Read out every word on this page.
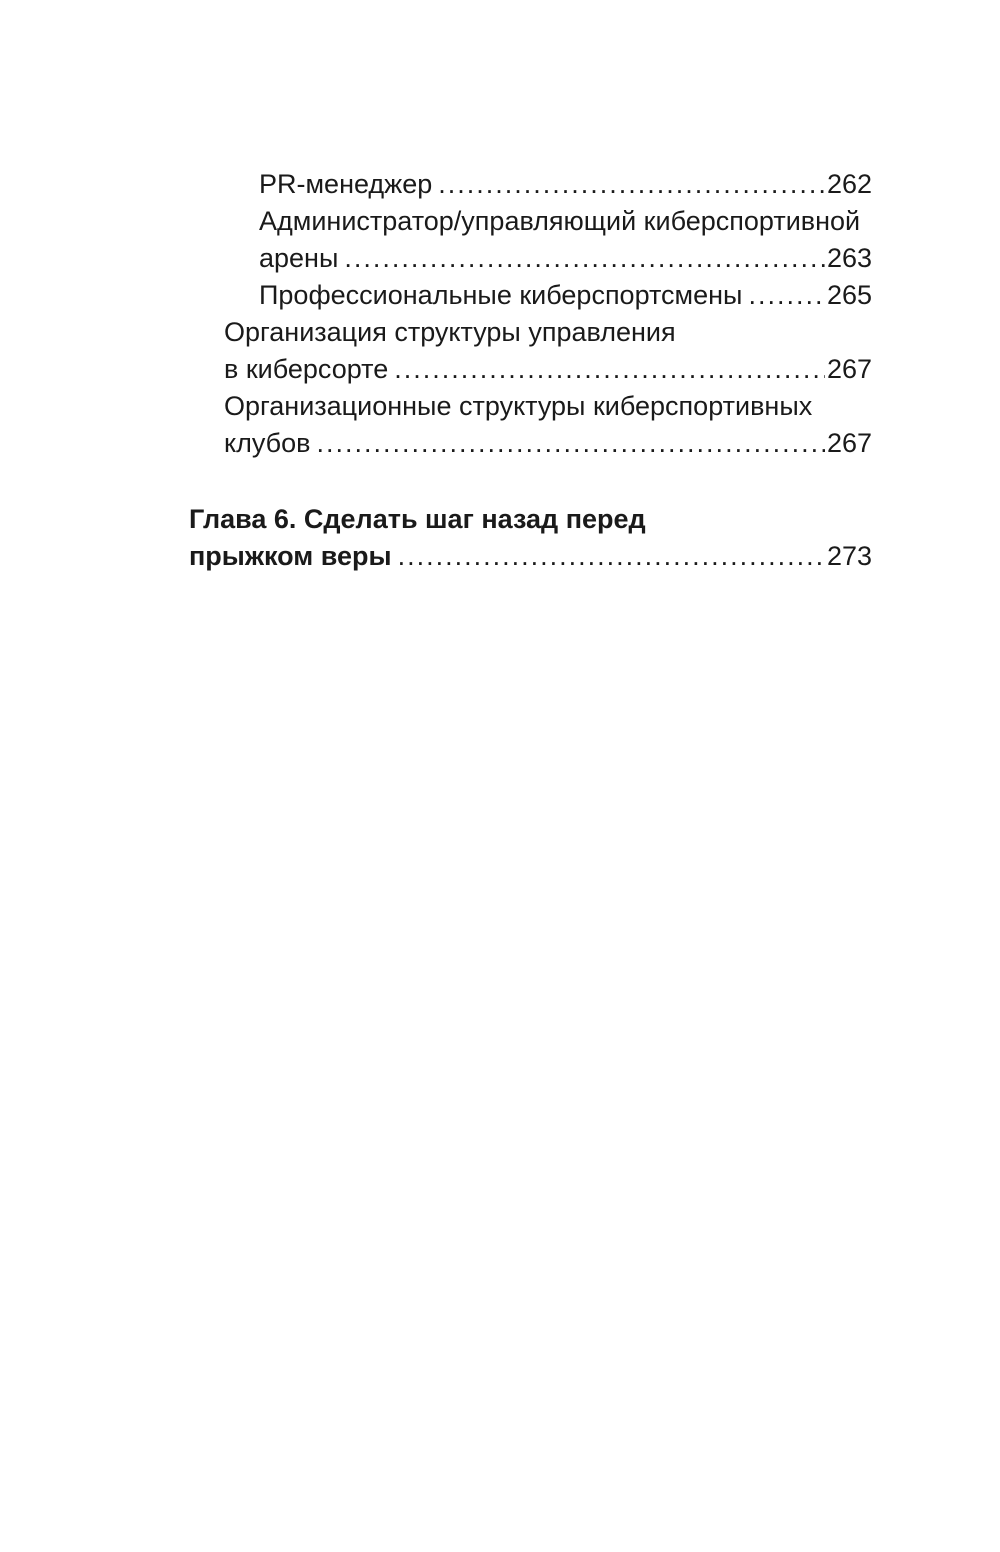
PR-менеджер .....	262
Администратор/управляющий киберспортивной
арены .....	263
Профессиональные киберспортсмены .....	265
Организация структуры управления
в киберсорте .....	267
Организационные структуры киберспортивных
клубов .....	267
Глава 6. Сделать шаг назад перед
прыжком веры .....	273
